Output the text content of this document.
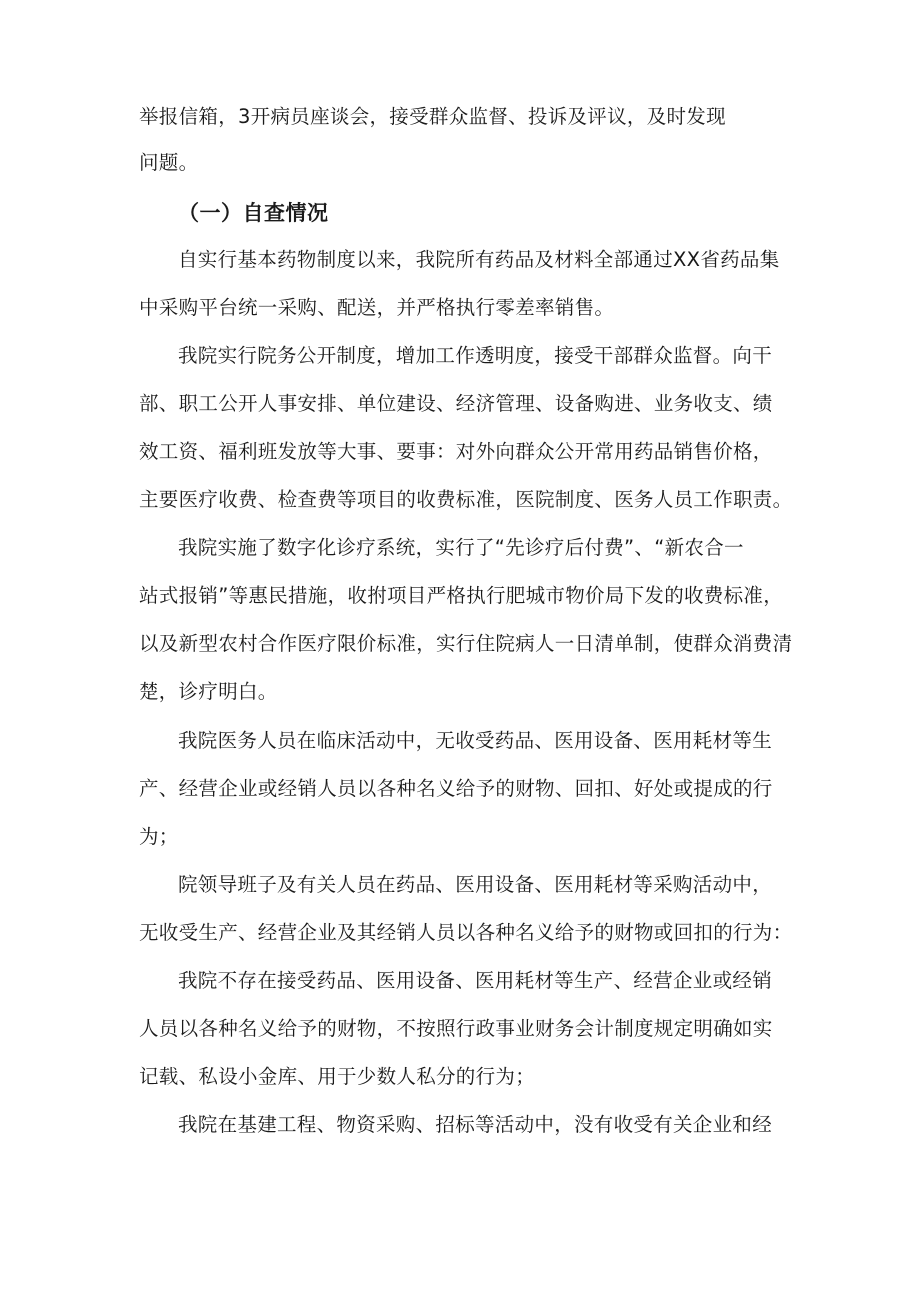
举报信箱，3开病员座谈会，接受群众监督、投诉及评议，及时发现
问题。
（一）自查情况
自实行基本药物制度以来，我院所有药品及材料全部通过XX省药品集
中采购平台统一采购、配送，并严格执行零差率销售。
我院实行院务公开制度，增加工作透明度，接受干部群众监督。向干
部、职工公开人事安排、单位建设、经济管理、设备购进、业务收支、绩
效工资、福利班发放等大事、要事：对外向群众公开常用药品销售价格，
主要医疗收费、检查费等项目的收费标准，医院制度、医务人员工作职责。
我院实施了数字化诊疗系统，实行了“先诊疗后付费”、“新农合一
站式报销”等惠民措施，收拊项目严格执行肥城市物价局下发的收费标准，
以及新型农村合作医疗限价标准，实行住院病人一日清单制，使群众消费清
楚，诊疗明白。
我院医务人员在临床活动中，无收受药品、医用设备、医用耗材等生
产、经营企业或经销人员以各种名义给予的财物、回扣、好处或提成的行
为；
院领导班子及有关人员在药品、医用设备、医用耗材等采购活动中，
无收受生产、经营企业及其经销人员以各种名义给予的财物或回扣的行为：
我院不存在接受药品、医用设备、医用耗材等生产、经营企业或经销
人员以各种名义给予的财物，不按照行政事业财务会计制度规定明确如实
记载、私设小金库、用于少数人私分的行为；
我院在基建工程、物资采购、招标等活动中，没有收受有关企业和经
